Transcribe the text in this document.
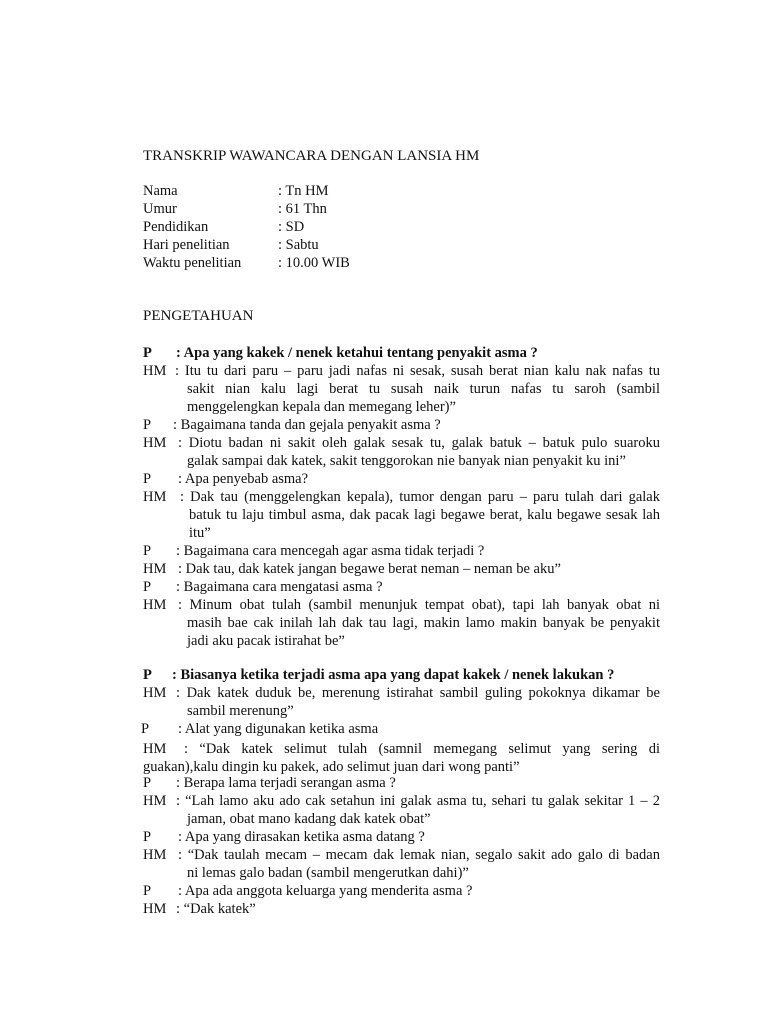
TRANSKRIP WAWANCARA DENGAN LANSIA HM
Nama	: Tn HM
Umur	: 61 Thn
Pendidikan	: SD
Hari penelitian	: Sabtu
Waktu penelitian	: 10.00 WIB
PENGETAHUAN
P : Apa yang kakek / nenek ketahui tentang penyakit asma ?
HM : Itu tu dari paru – paru jadi nafas ni sesak, susah berat nian kalu nak nafas tu
sakit nian kalu lagi berat tu susah naik turun nafas tu saroh (sambil
menggelengkan kepala dan memegang leher)”
P : Bagaimana tanda dan gejala penyakit asma ?
HM : Diotu badan ni sakit oleh galak sesak tu, galak batuk – batuk pulo suaroku
galak sampai dak katek, sakit tenggorokan nie banyak nian penyakit ku ini”
P : Apa penyebab asma?
HM : Dak tau (menggelengkan kepala), tumor dengan paru – paru tulah dari galak
batuk tu laju timbul asma, dak pacak lagi begawe berat, kalu begawe sesak lah
itu”
P : Bagaimana cara mencegah agar asma tidak terjadi ?
HM : Dak tau, dak katek jangan begawe berat neman – neman be aku”
P : Bagaimana cara mengatasi asma ?
HM : Minum obat tulah (sambil menunjuk tempat obat), tapi lah banyak obat ni
masih bae cak inilah lah dak tau lagi, makin lamo makin banyak be penyakit
jadi aku pacak istirahat be”
P : Biasanya ketika terjadi asma apa yang dapat kakek / nenek lakukan ?
HM : Dak katek duduk be, merenung istirahat sambil guling pokoknya dikamar be
sambil merenung”
P : Alat yang digunakan ketika asma
HM : “Dak katek selimut tulah (samnil memegang selimut yang sering di
guakan),kalu dingin ku pakek, ado selimut juan dari wong panti”
P : Berapa lama terjadi serangan asma ?
HM : “Lah lamo aku ado cak setahun ini galak asma tu, sehari tu galak sekitar 1 – 2
jaman, obat mano kadang dak katek obat”
P : Apa yang dirasakan ketika asma datang ?
HM : “Dak taulah mecam – mecam dak lemak nian, segalo sakit ado galo di badan
ni lemas galo badan (sambil mengerutkan dahi)”
P : Apa ada anggota keluarga yang menderita asma ?
HM : “Dak katek”
